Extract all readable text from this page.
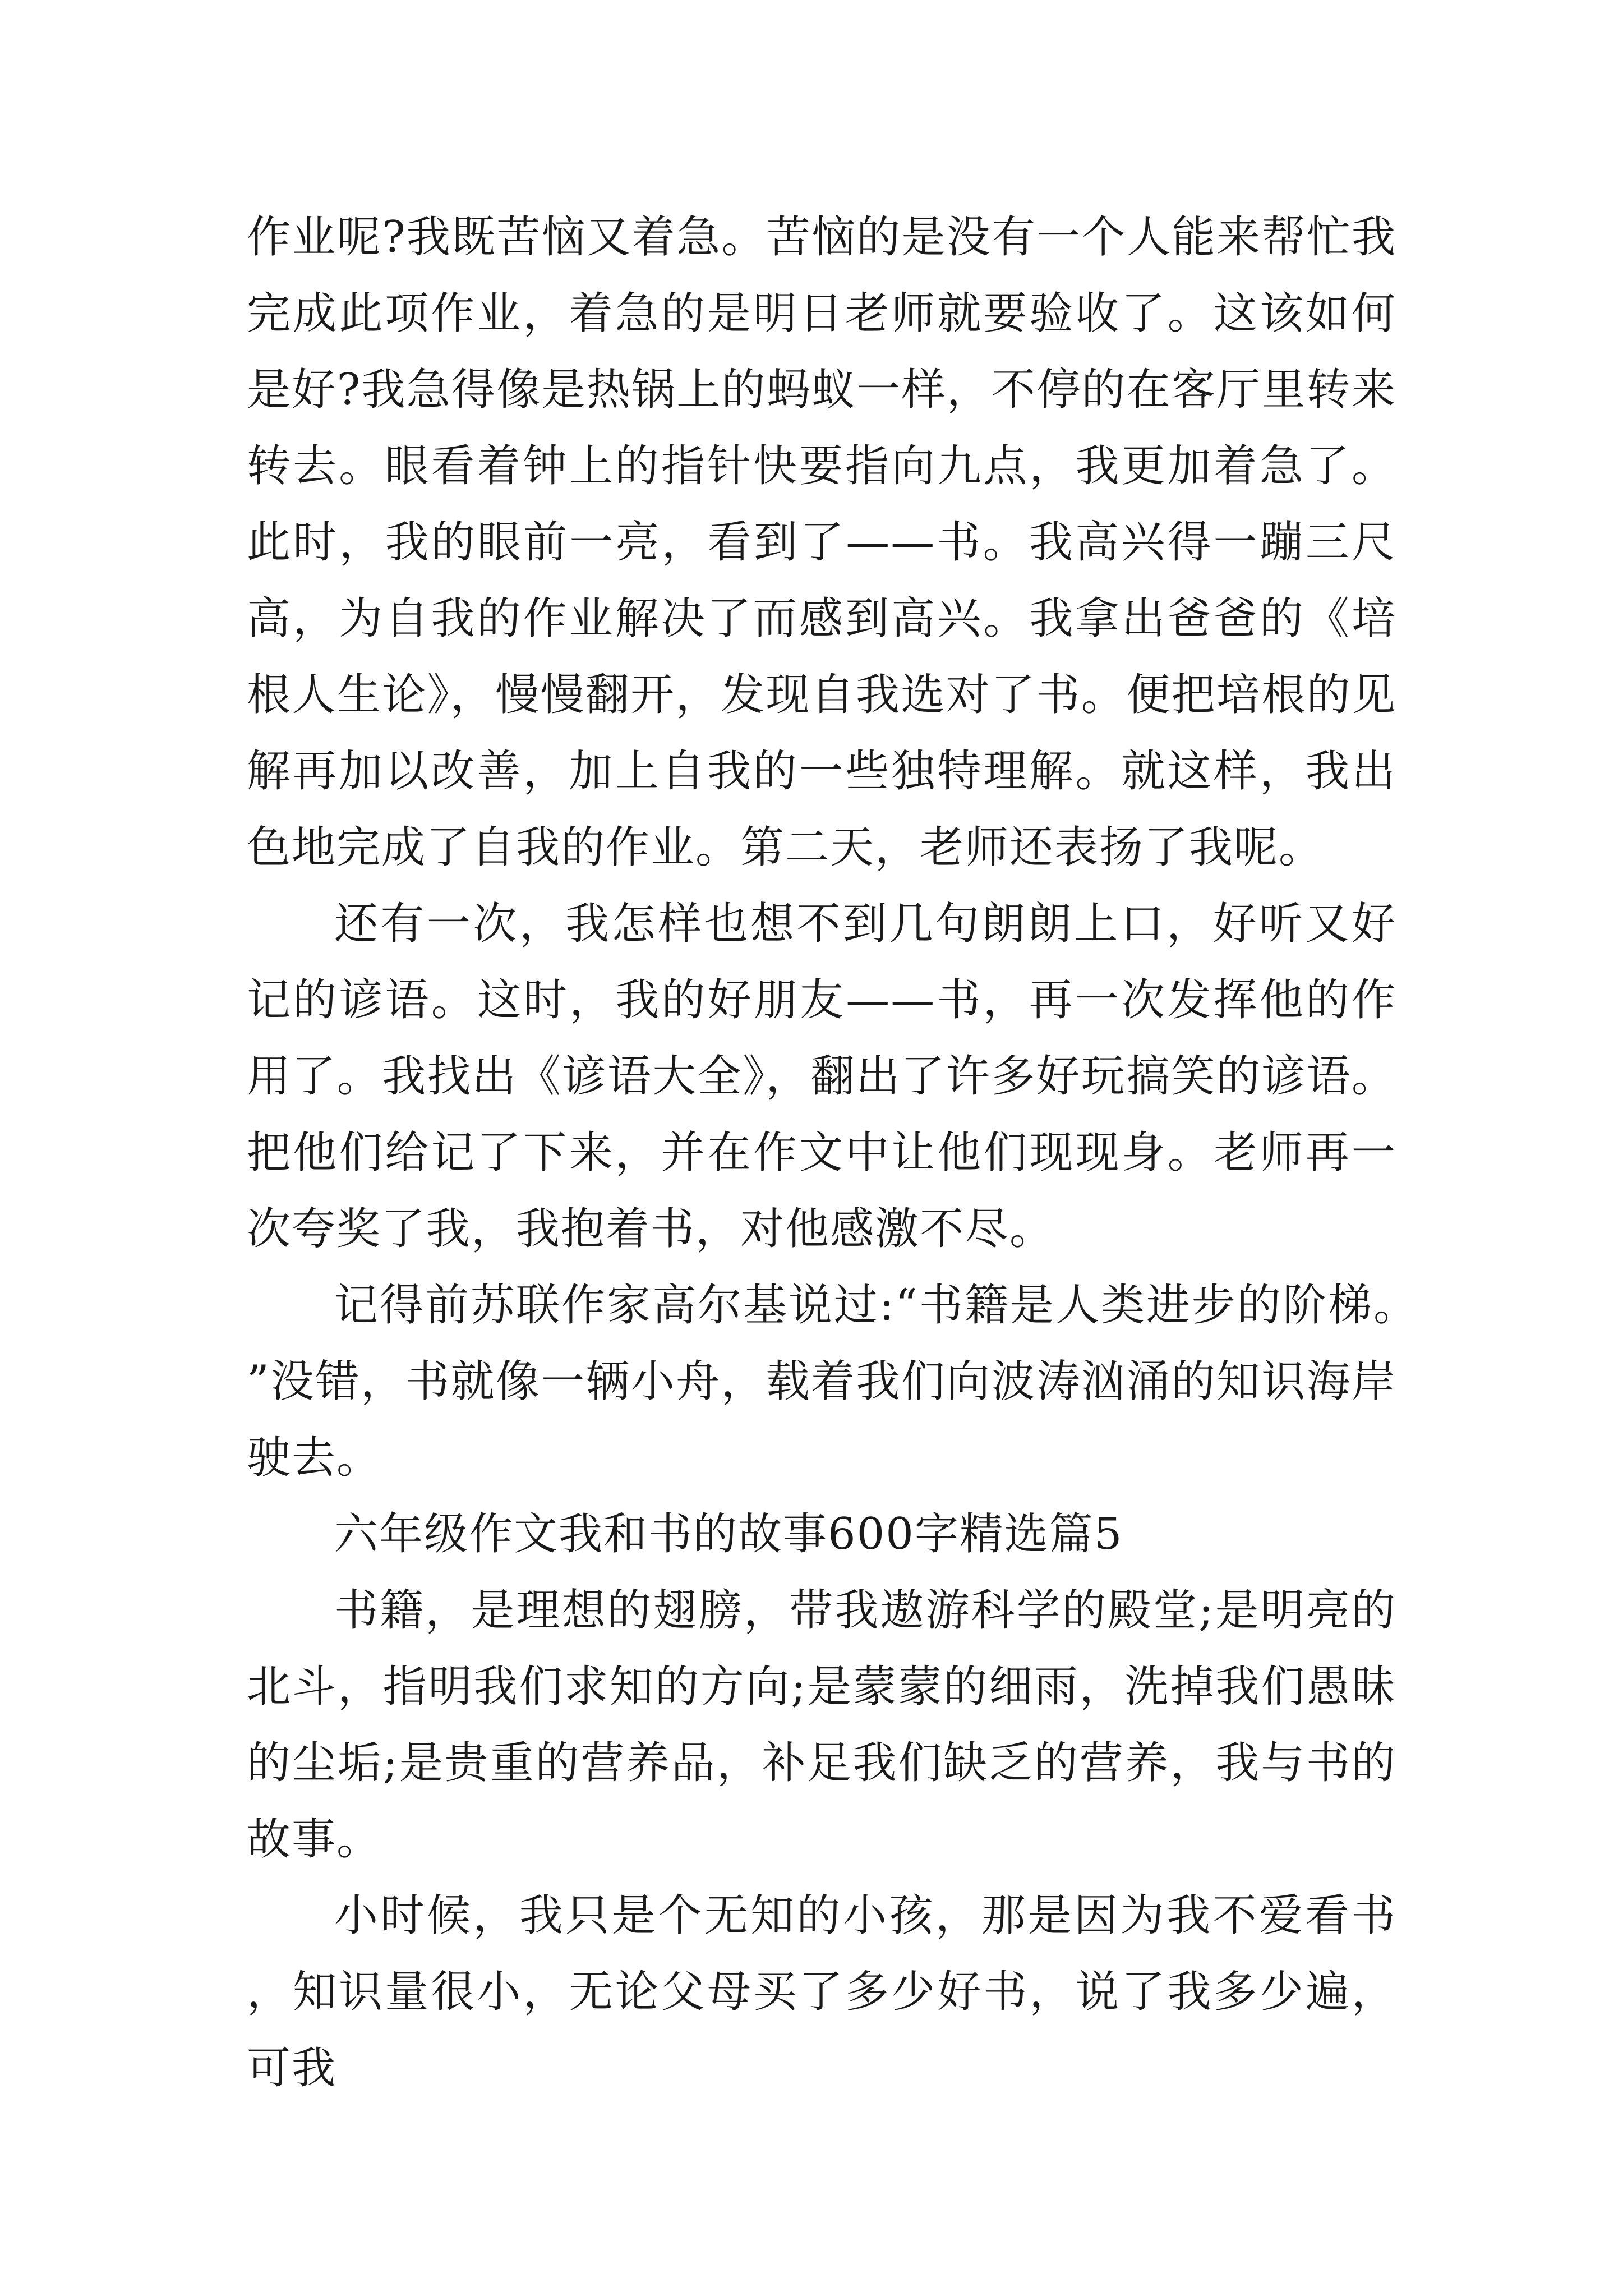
作业呢?我既苦恼又着急。苦恼的是没有一个人能来帮忙我完成此项作业，着急的是明日老师就要验收了。这该如何是好?我急得像是热锅上的蚂蚁一样，不停的在客厅里转来转去。眼看着钟上的指针快要指向九点，我更加着急了。此时，我的眼前一亮，看到了——书。我高兴得一蹦三尺高，为自我的作业解决了而感到高兴。我拿出爸爸的《培根人生论》，慢慢翻开，发现自我选对了书。便把培根的见解再加以改善，加上自我的一些独特理解。就这样，我出色地完成了自我的作业。第二天，老师还表扬了我呢。

还有一次，我怎样也想不到几句朗朗上口，好听又好记的谚语。这时，我的好朋友——书，再一次发挥他的作用了。我找出《谚语大全》，翻出了许多好玩搞笑的谚语。把他们给记了下来，并在作文中让他们现现身。老师再一次夸奖了我，我抱着书，对他感激不尽。

记得前苏联作家高尔基说过:“书籍是人类进步的阶梯。”没错，书就像一辆小舟，载着我们向波涛汹涌的知识海岸驶去。

六年级作文我和书的故事600字精选篇5

书籍，是理想的翅膀，带我遨游科学的殿堂;是明亮的北斗，指明我们求知的方向;是蒙蒙的细雨，洗掉我们愚昧的尘垢;是贵重的营养品，补足我们缺乏的营养，我与书的故事。

小时候，我只是个无知的小孩，那是因为我不爱看书，知识量很小，无论父母买了多少好书，说了我多少遍，可我
